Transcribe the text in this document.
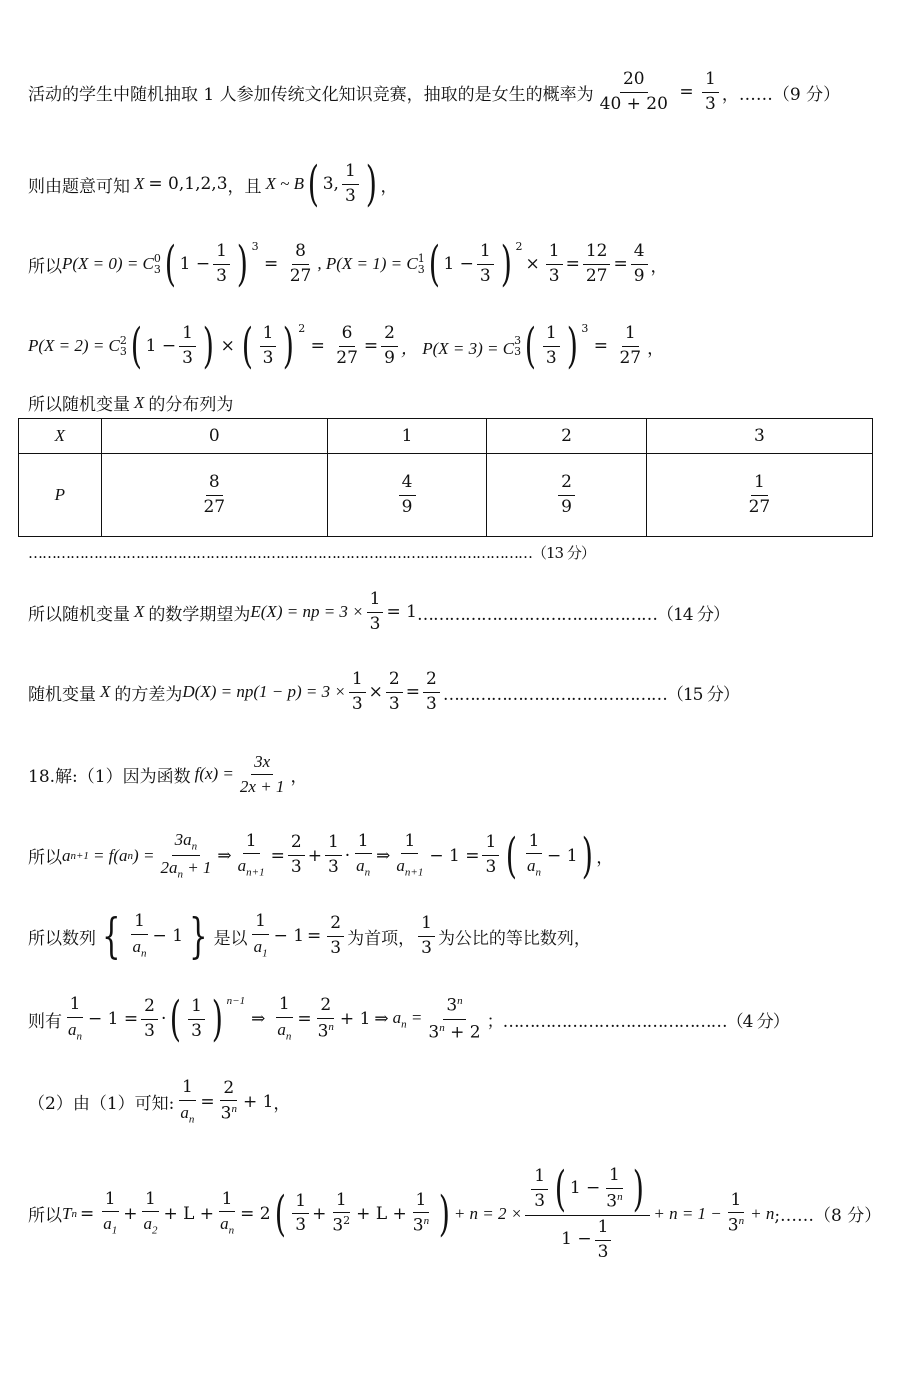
活动的学生中随机抽取 1 人参加传统文化知识竞赛，抽取的是女生的概率为 $\frac{20}{40 + 20} = \frac{1}{3}$ ，……（9 分）
则由题意可知 X = 0,1,2,3 ，且 X ~ B ( 3, $\frac{1}{3}$ ) ，
所以 P(X = 0) = C 0
3 ( $1 - \frac{1}{3}$ ) $^3$
= $\frac{8}{27}$ , P(X = 1) = C 1
3 ( $1 - \frac{1}{3}$ ) $^2$
× $\frac{1}{3} = \frac{12}{27} = \frac{4}{9}$ ，
P(X = 2) = C 2
3 ( $1 - \frac{1}{3}$ ) × ( $\frac{1}{3}$ ) $^2$
= $\frac{6}{27} = \frac{2}{9}$ ， P(X = 3) = C 3
3 ( $\frac{1}{3}$ ) $^3$
= $\frac{1}{27}$ ，
所以随机变量 X 的分布列为
X	0	1	2	3
P	$\frac{8}{27}$	$\frac{4}{9}$	$\frac{2}{9}$	$\frac{1}{27}$
………………………………………………………………………………………………（13 分）
所以随机变量 X 的数学期望为 E(X) = np = $3 \times \frac{1}{3} = 1$ ………………………………………（14 分）
随机变量 X 的方差为 $D(X) = np(1 - p) = 3 \times \frac{1}{3} \times \frac{2}{3} = \frac{2}{3}$ ……………………………………（15 分）
18.解:（1）因为函数 $f(x) = \frac{3x}{2x + 1}$ ，
所以 a n+1 = f(a n ) = $\frac{3a_n}{2a_n + 1}$ ⇒ $\frac{1}{a_{n+1}} = \frac{2}{3} + \frac{1}{3} \cdot \frac{1}{a_n}$ ⇒ $\frac{1}{a_{n+1}} - 1 = \frac{1}{3}$ ( $\frac{1}{a_n} - 1$ ) ，
所以数列 { $\frac{1}{a_n} - 1$ } 是以 $\frac{1}{a_1} - 1 = \frac{2}{3}$ 为首项， $\frac{1}{3}$ 为公比的等比数列，
则有 $\frac{1}{a_n} - 1 = \frac{2}{3}$ · ( $\frac{1}{3}$ ) $^{n-1}$
⇒ $\frac{1}{a_n} = \frac{2}{3^n} + 1$ ⇒ $a_n = \frac{3^n}{3^n + 2}$ ；……………………………………（4 分）
（2）由（1）可知: $\frac{1}{a_n} = \frac{2}{3^n} + 1$ ，
所以 T $n = \frac{1}{a_1} + \frac{1}{a_2} + L + \frac{1}{a_n} = 2$ ( $\frac{1}{3} + \frac{1}{3^2} + L + \frac{1}{3^n}$ ) + $n = 2 \times \frac{\frac{1}{3} ( 1 - \frac{1}{3^n} )}{1 - \frac{1}{3}} + n = 1 - \frac{1}{3^n} + n$ ;……（8 分）
